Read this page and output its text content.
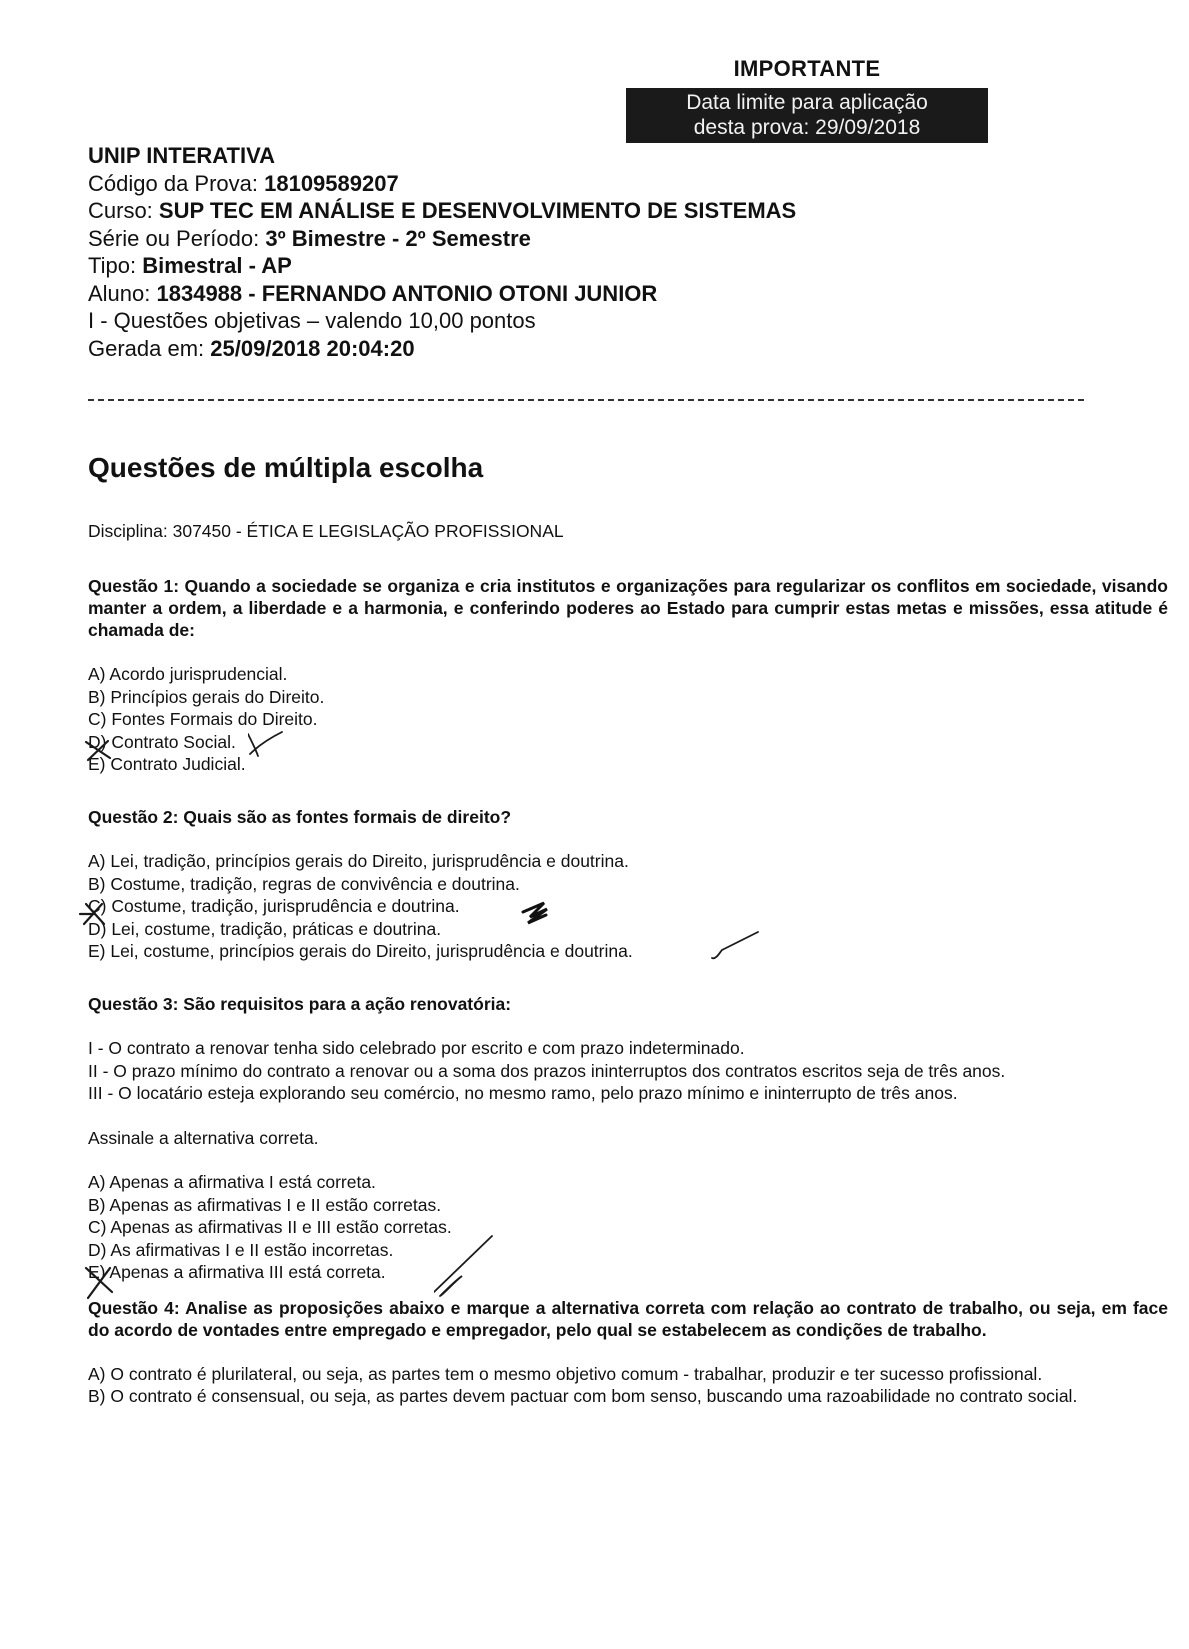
IMPORTANTE
Data limite para aplicação
desta prova: 29/09/2018
UNIP INTERATIVA
Código da Prova: 18109589207
Curso: SUP TEC EM ANÁLISE E DESENVOLVIMENTO DE SISTEMAS
Série ou Período: 3º Bimestre - 2º Semestre
Tipo: Bimestral - AP
Aluno: 1834988 - FERNANDO ANTONIO OTONI JUNIOR
I - Questões objetivas – valendo 10,00 pontos
Gerada em: 25/09/2018 20:04:20
Questões de múltipla escolha
Disciplina: 307450 - ÉTICA E LEGISLAÇÃO PROFISSIONAL
Questão 1: Quando a sociedade se organiza e cria institutos e organizações para regularizar os conflitos em sociedade, visando manter a ordem, a liberdade e a harmonia, e conferindo poderes ao Estado para cumprir estas metas e missões, essa atitude é chamada de:
A) Acordo jurisprudencial.
B) Princípios gerais do Direito.
C) Fontes Formais do Direito.
D) Contrato Social.
E) Contrato Judicial.
Questão 2: Quais são as fontes formais de direito?
A) Lei, tradição, princípios gerais do Direito, jurisprudência e doutrina.
B) Costume, tradição, regras de convivência e doutrina.
C) Costume, tradição, jurisprudência e doutrina.
D) Lei, costume, tradição, práticas e doutrina.
E) Lei, costume, princípios gerais do Direito, jurisprudência e doutrina.
Questão 3: São requisitos para a ação renovatória:
I - O contrato a renovar tenha sido celebrado por escrito e com prazo indeterminado.
II - O prazo mínimo do contrato a renovar ou a soma dos prazos ininterruptos dos contratos escritos seja de três anos.
III - O locatário esteja explorando seu comércio, no mesmo ramo, pelo prazo mínimo e ininterrupto de três anos.
Assinale a alternativa correta.
A) Apenas a afirmativa I está correta.
B) Apenas as afirmativas I e II estão corretas.
C) Apenas as afirmativas II e III estão corretas.
D) As afirmativas I e II estão incorretas.
E) Apenas a afirmativa III está correta.
Questão 4: Analise as proposições abaixo e marque a alternativa correta com relação ao contrato de trabalho, ou seja, em face do acordo de vontades entre empregado e empregador, pelo qual se estabelecem as condições de trabalho.
A) O contrato é plurilateral, ou seja, as partes tem o mesmo objetivo comum - trabalhar, produzir e ter sucesso profissional.
B) O contrato é consensual, ou seja, as partes devem pactuar com bom senso, buscando uma razoabilidade no contrato social.
